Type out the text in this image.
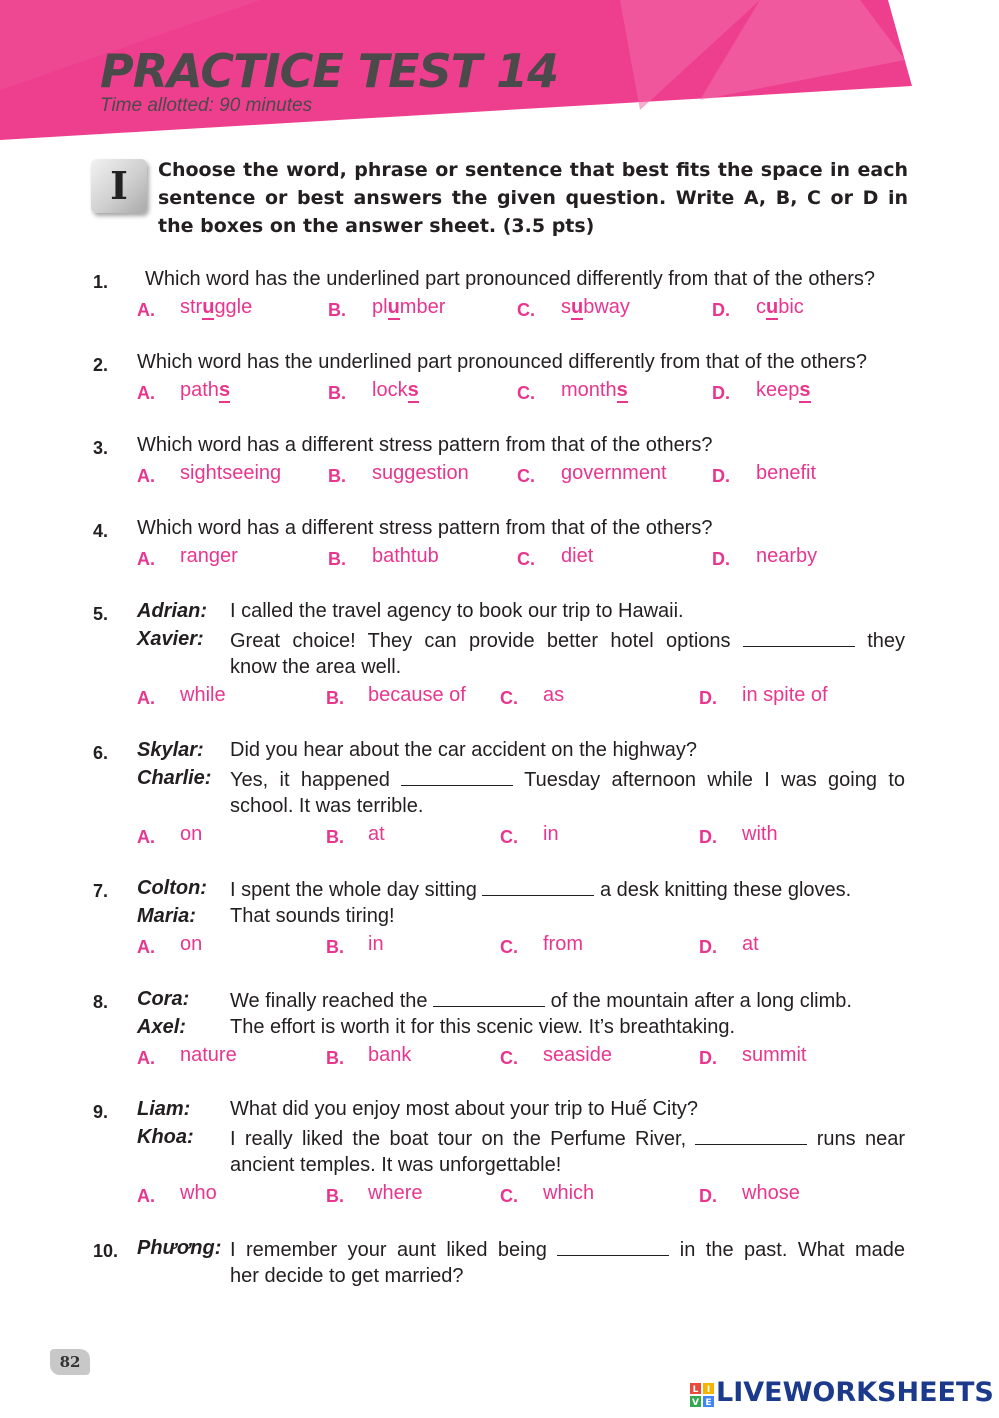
PRACTICE TEST 14
Time allotted: 90 minutes
I	Choose the word, phrase or sentence that best fits the space in each sentence or best answers the given question. Write A, B, C or D in the boxes on the answer sheet. (3.5 pts)
1. Which word has the underlined part pronounced differently from that of the others?
A. struggle	B. plumber	C. subway	D. cubic
2. Which word has the underlined part pronounced differently from that of the others?
A. paths	B. locks	C. months	D. keeps
3. Which word has a different stress pattern from that of the others?
A. sightseeing	B. suggestion	C. government	D. benefit
4. Which word has a different stress pattern from that of the others?
A. ranger	B. bathtub	C. diet	D. nearby
5. Adrian: I called the travel agency to book our trip to Hawaii.
Xavier: Great choice! They can provide better hotel options	they
know the area well.
A. while	B. because of C. as	D. in spite of
6. Skylar: Did you hear about the car accident on the highway?
Charlie: Yes, it happened	Tuesday afternoon while I was going to
school. It was terrible.
A. on	B. at	C. in	D. with
7. Colton: I spent the whole day sitting	a desk knitting these gloves.
Maria: That sounds tiring!
A. on	B. in	C. from	D. at
8. Cora: We finally reached the	of the mountain after a long climb.
Axel: The effort is worth it for this scenic view. It’s breathtaking.
A. nature	B. bank	C. seaside	D. summit
9. Liam: What did you enjoy most about your trip to Huế City?
Khoa: I really liked the boat tour on the Perfume River,	runs near
ancient temples. It was unforgettable!
A. who	B. where	C. which	D. whose
10. Phương: I remember your aunt liked being	in the past. What made
her decide to get married?
82
L I
V E LIVEWORKSHEETS
